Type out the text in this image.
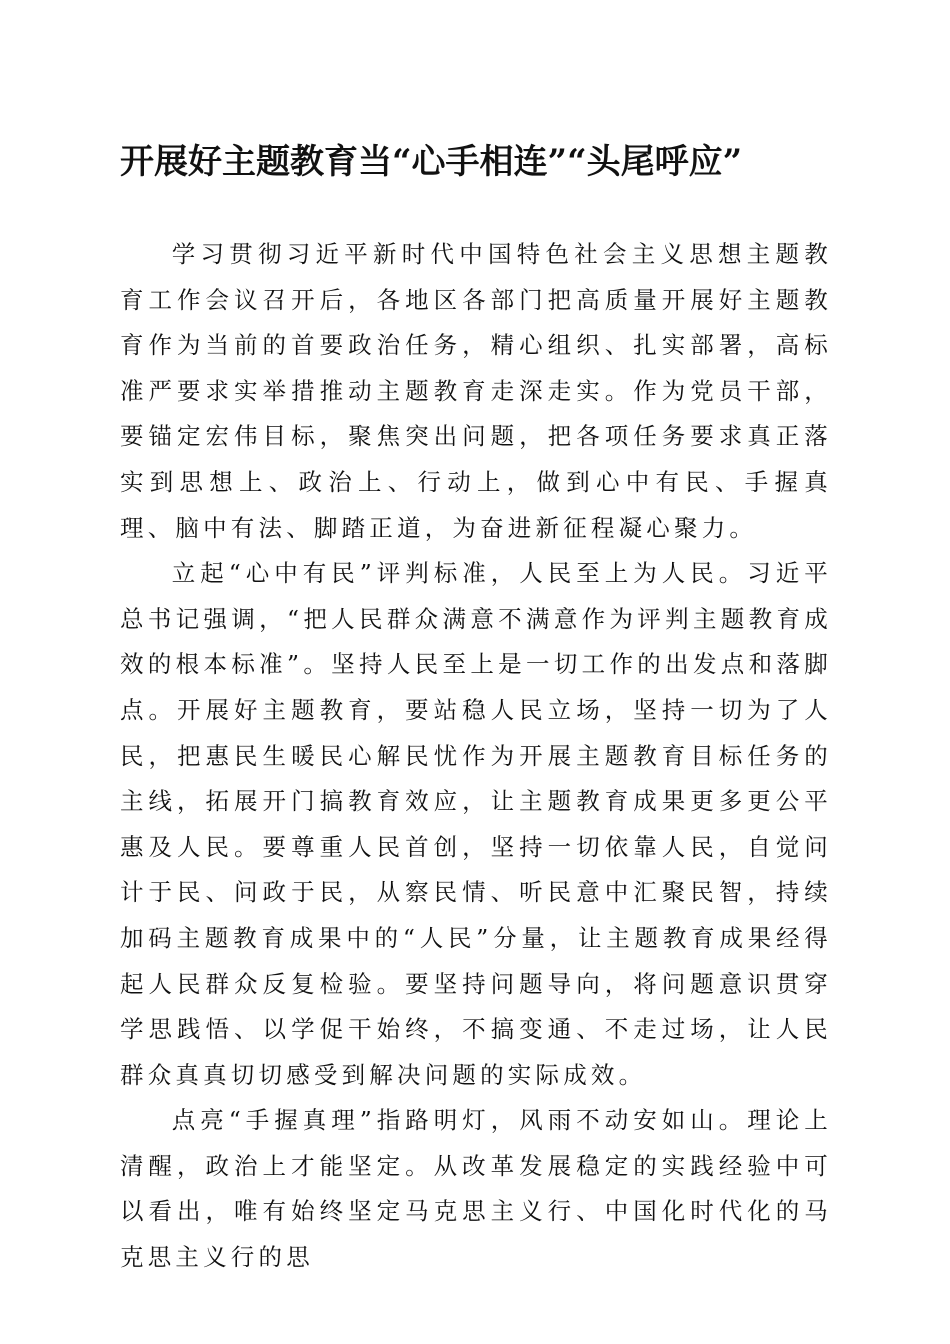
开展好主题教育当“心手相连”“头尾呼应”

学习贯彻习近平新时代中国特色社会主义思想主题教育工作会议召开后，各地区各部门把高质量开展好主题教育作为当前的首要政治任务，精心组织、扎实部署，高标准严要求实举措推动主题教育走深走实。作为党员干部，要锚定宏伟目标，聚焦突出问题，把各项任务要求真正落实到思想上、政治上、行动上，做到心中有民、手握真理、脑中有法、脚踏正道，为奋进新征程凝心聚力。

立起“心中有民”评判标准，人民至上为人民。习近平总书记强调，“把人民群众满意不满意作为评判主题教育成效的根本标准”。坚持人民至上是一切工作的出发点和落脚点。开展好主题教育，要站稳人民立场，坚持一切为了人民，把惠民生暖民心解民忧作为开展主题教育目标任务的主线，拓展开门搞教育效应，让主题教育成果更多更公平惠及人民。要尊重人民首创，坚持一切依靠人民，自觉问计于民、问政于民，从察民情、听民意中汇聚民智，持续加码主题教育成果中的“人民”分量，让主题教育成果经得起人民群众反复检验。要坚持问题导向，将问题意识贯穿学思践悟、以学促干始终，不搞变通、不走过场，让人民群众真真切切感受到解决问题的实际成效。

点亮“手握真理”指路明灯，风雨不动安如山。理论上清醒，政治上才能坚定。从改革发展稳定的实践经验中可以看出，唯有始终坚定马克思主义行、中国化时代化的马克思主义行的思
